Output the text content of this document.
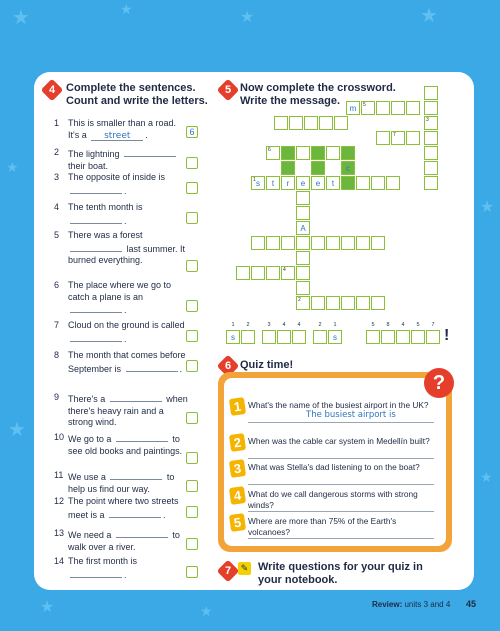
★	★	★	★
★
★
★
★
★	★
4 Complete the sentences.
Count and write the letters.
1 This is smaller than a road. It's a street .	6
2 The lightning  their boat.
3 The opposite of inside is .
4 The tenth month is .
5 There was a forest  last summer. It burned everything.
6 The place where we go to catch a plane is an .
7 Cloud on the ground is called .
8 The month that comes before September is	.
9 There's a	when there's heavy rain and a strong wind.
10 We go to a	to see old books and paintings.
11 We use a	to help us find our way.
12 The point where two streets meet is a	.
13 We need a	to walk over a river.
14 The first month is .
5 Now complete the crossword.
Write the message.
3
m	5
7
6
c
s
1	t	r	e	e	t
A
4
2
1
s
2	3	4	4	2	1
s
5	8	4	5	7
!
6 Quiz time!
1 What's the name of the busiest airport in the UK?
The busiest airport is
2 When was the cable car system in Medellín built?
3 What was Stella's dad listening to on the boat?
4 What do we call dangerous storms with strong winds?
5 Where are more than 75% of the Earth's volcanoes?
?
7	✎ Write questions for your quiz in your notebook.
Review: units 3 and 4 45
